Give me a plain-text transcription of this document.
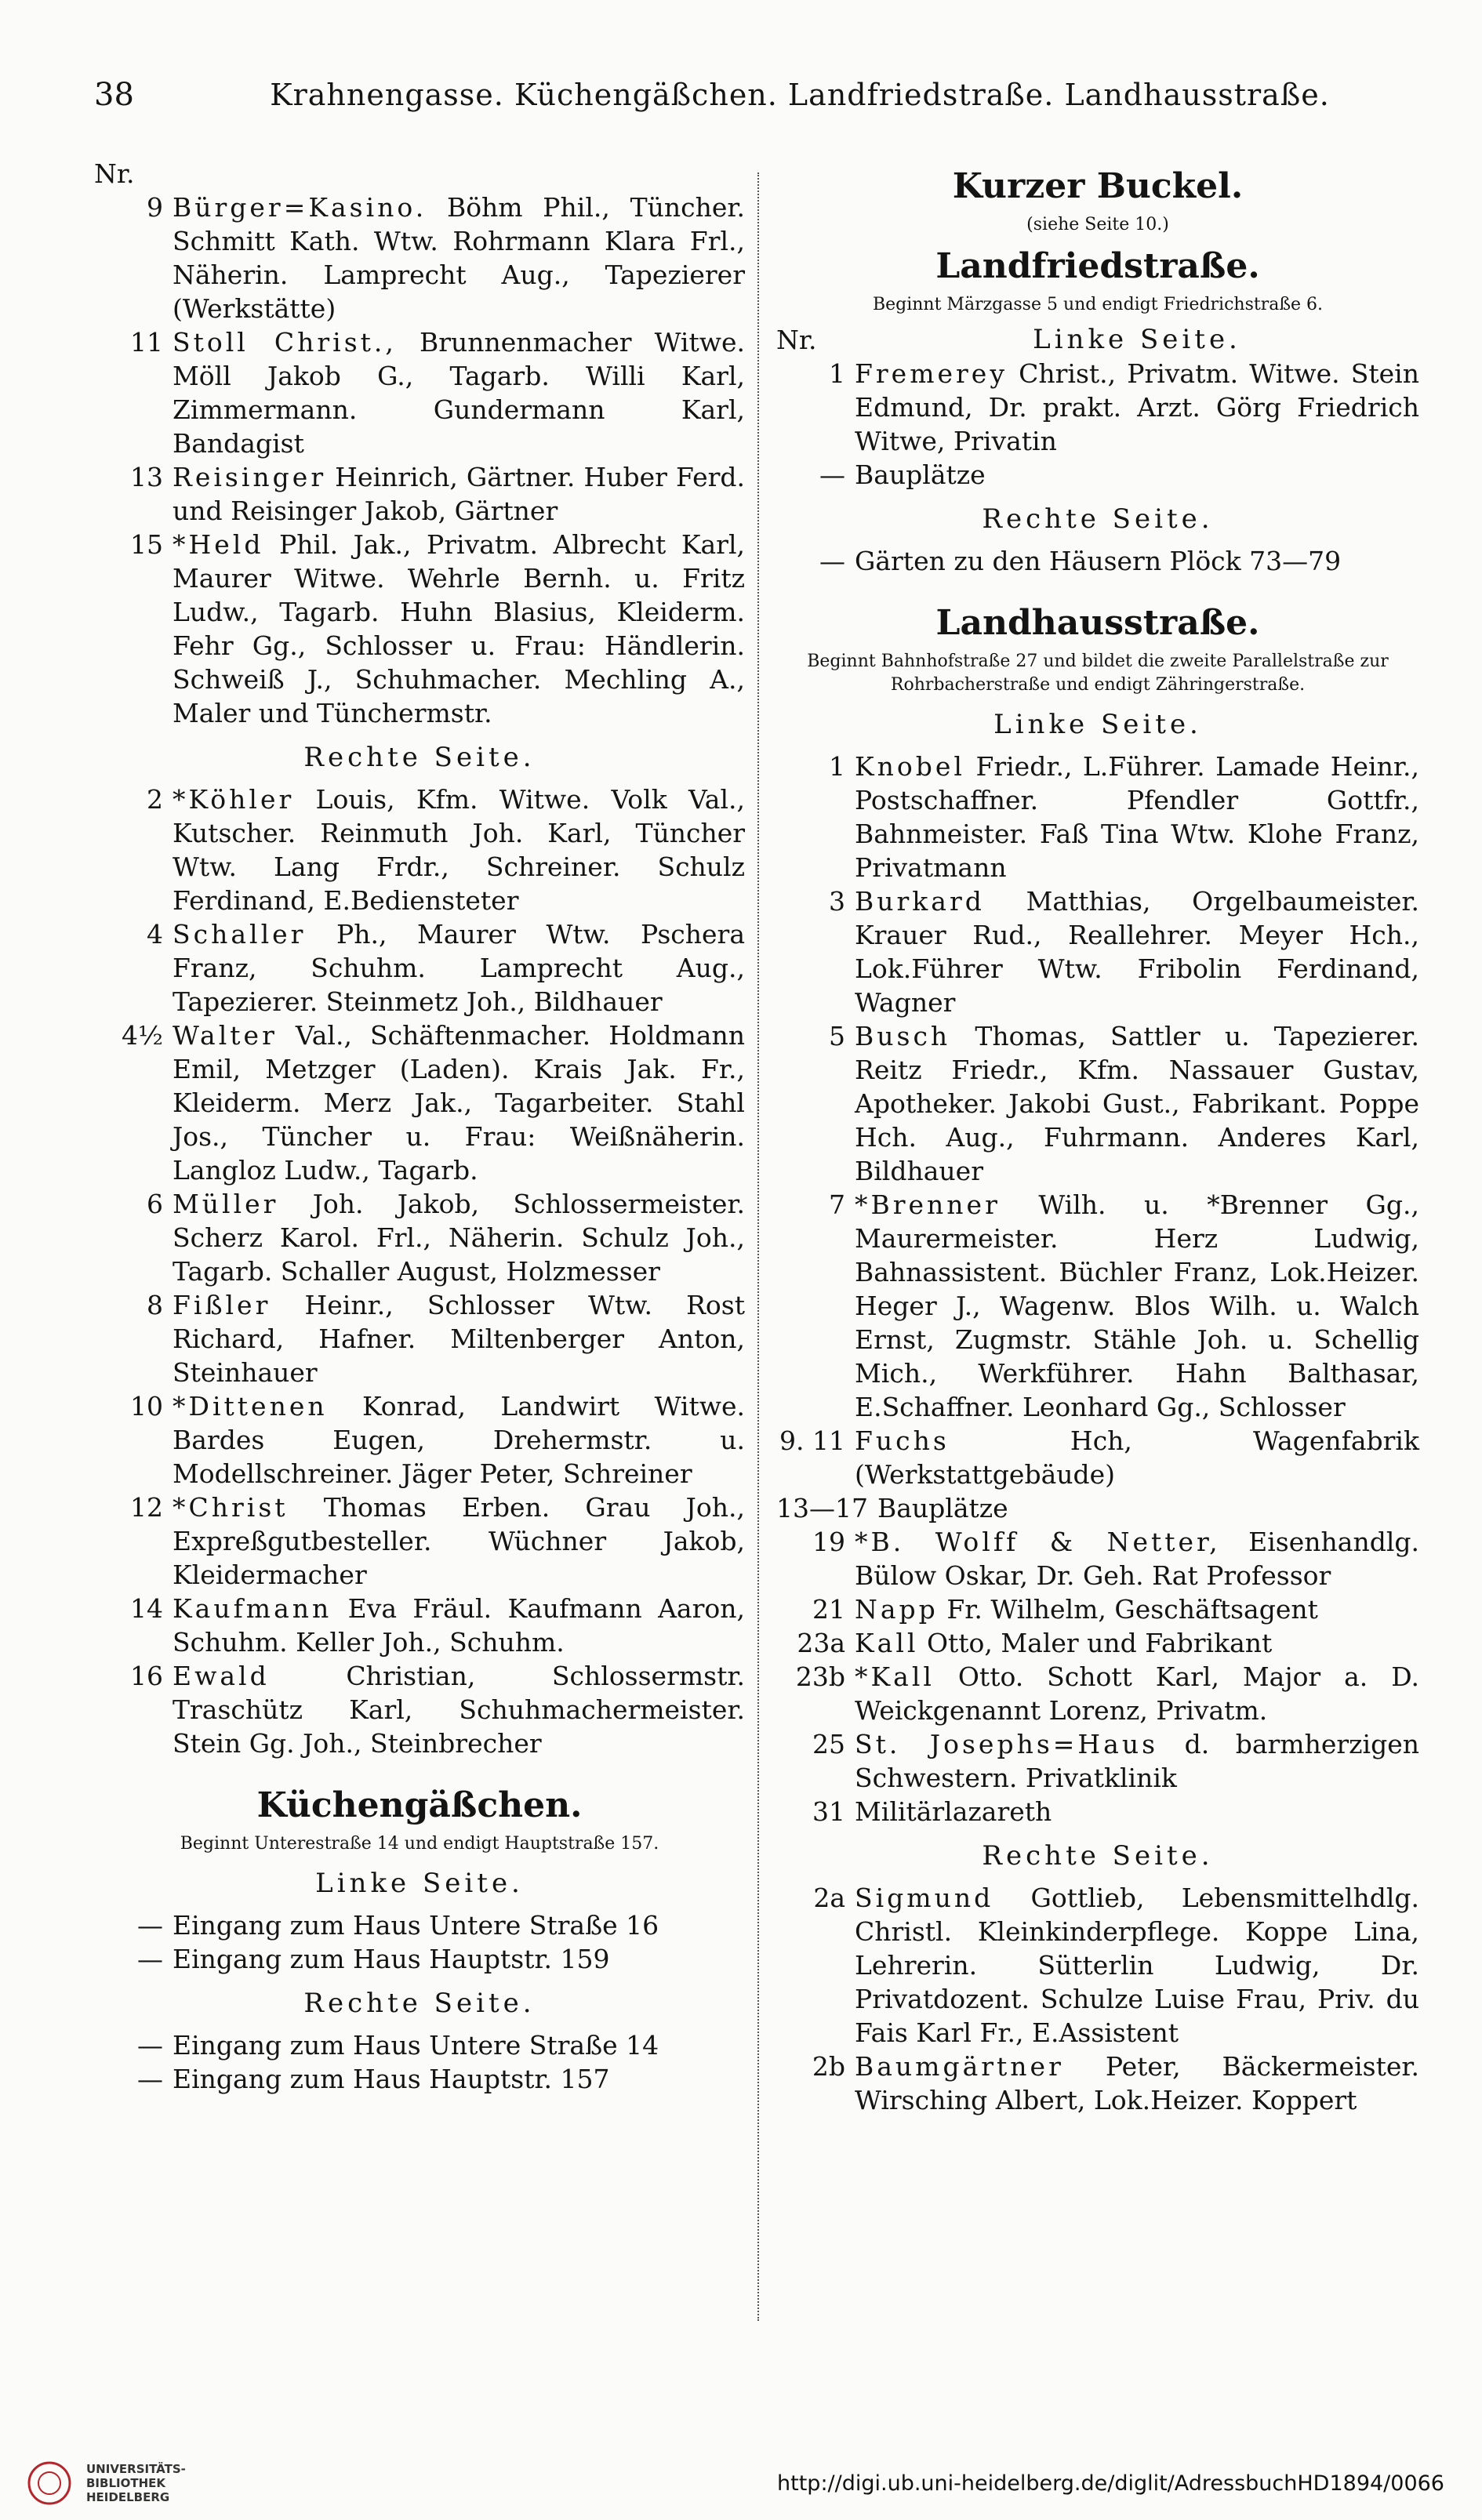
38	Krahnengasse. Küchengäßchen. Landfriedstraße. Landhausstraße.
Nr.
9 Bürger=Kasino. Böhm Phil., Tüncher. Schmitt Kath. Wtw. Rohrmann Klara Frl., Näherin. Lamprecht Aug., Tapezierer (Werkstätte)
11 Stoll Christ., Brunnenmacher Witwe. Möll Jakob G., Tagarb. Willi Karl, Zimmermann. Gundermann Karl, Bandagist
13 Reisinger Heinrich, Gärtner. Huber Ferd. und Reisinger Jakob, Gärtner
15 *Held Phil. Jak., Privatm. Albrecht Karl, Maurer Witwe. Wehrle Bernh. u. Fritz Ludw., Tagarb. Huhn Blasius, Kleiderm. Fehr Gg., Schlosser u. Frau: Händlerin. Schweiß J., Schuhmacher. Mechling A., Maler und Tünchermstr.
Rechte Seite.
2 *Köhler Louis, Kfm. Witwe. Volk Val., Kutscher. Reinmuth Joh. Karl, Tüncher Wtw. Lang Frdr., Schreiner. Schulz Ferdinand, E.Bediensteter
4 Schaller Ph., Maurer Wtw. Pschera Franz, Schuhm. Lamprecht Aug., Tapezierer. Steinmetz Joh., Bildhauer
4½ Walter Val., Schäftenmacher. Holdmann Emil, Metzger (Laden). Krais Jak. Fr., Kleiderm. Merz Jak., Tagarbeiter. Stahl Jos., Tüncher u. Frau: Weißnäherin. Langloz Ludw., Tagarb.
6 Müller Joh. Jakob, Schlossermeister. Scherz Karol. Frl., Näherin. Schulz Joh., Tagarb. Schaller August, Holzmesser
8 Fißler Heinr., Schlosser Wtw. Rost Richard, Hafner. Miltenberger Anton, Steinhauer
10 *Dittenen Konrad, Landwirt Witwe. Bardes Eugen, Drehermstr. u. Modellschreiner. Jäger Peter, Schreiner
12 *Christ Thomas Erben. Grau Joh., Expreßgutbesteller. Wüchner Jakob, Kleidermacher
14 Kaufmann Eva Fräul. Kaufmann Aaron, Schuhm. Keller Joh., Schuhm.
16 Ewald	Christian, Schlossermstr. Traschütz Karl, Schuhmachermeister. Stein Gg. Joh., Steinbrecher
Küchengäßchen.
Beginnt Unterestraße 14 und endigt Hauptstraße 157.
Linke Seite.
— Eingang zum Haus Untere Straße 16
— Eingang zum Haus Hauptstr. 159
Rechte Seite.
— Eingang zum Haus Untere Straße 14
— Eingang zum Haus Hauptstr. 157
Kurzer Buckel.
(siehe Seite 10.)
Landfriedstraße.
Beginnt Märzgasse 5 und endigt Friedrichstraße 6.
Nr.	Linke Seite.
1 Fremerey Christ., Privatm. Witwe. Stein Edmund, Dr. prakt. Arzt. Görg Friedrich Witwe, Privatin
— Bauplätze
Rechte Seite.
— Gärten zu den Häusern Plöck 73—79
Landhausstraße.
Beginnt Bahnhofstraße 27 und bildet die zweite Parallelstraße zur Rohrbacherstraße und endigt Zähringerstraße.
Linke Seite.
1 Knobel Friedr., L.Führer. Lamade Heinr., Postschaffner. Pfendler Gottfr., Bahnmeister. Faß Tina Wtw. Klohe Franz, Privatmann
3 Burkard Matthias, Orgelbaumeister. Krauer Rud., Reallehrer. Meyer Hch., Lok.Führer Wtw. Fribolin Ferdinand, Wagner
5 Busch Thomas, Sattler u. Tapezierer. Reitz Friedr., Kfm. Nassauer Gustav, Apotheker. Jakobi Gust., Fabrikant. Poppe Hch. Aug., Fuhrmann. Anderes Karl, Bildhauer
7 *Brenner Wilh. u. *Brenner Gg., Maurermeister. Herz Ludwig, Bahnassistent. Büchler Franz, Lok.Heizer. Heger J., Wagenw. Blos Wilh. u. Walch Ernst, Zugmstr. Stähle Joh. u. Schellig Mich., Werkführer. Hahn Balthasar, E.Schaffner. Leonhard Gg., Schlosser
9. 11 Fuchs	Hch, Wagenfabrik (Werkstattgebäude)
13—17 Bauplätze
19 *B. Wolff & Netter, Eisenhandlg. Bülow Oskar, Dr. Geh. Rat Professor
21 Napp Fr. Wilhelm, Geschäftsagent
23a Kall Otto, Maler und Fabrikant
23b *Kall Otto. Schott Karl, Major a. D. Weickgenannt Lorenz, Privatm.
25 St. Josephs=Haus d. barmherzigen Schwestern. Privatklinik
31 Militärlazareth
Rechte Seite.
2a Sigmund Gottlieb, Lebensmittelhdlg. Christl. Kleinkinderpflege. Koppe Lina, Lehrerin. Sütterlin Ludwig, Dr. Privatdozent. Schulze Luise Frau, Priv. du Fais Karl Fr., E.Assistent
2b Baumgärtner Peter, Bäckermeister. Wirsching Albert, Lok.Heizer. Koppert
UNIVERSITÄTS-
BIBLIOTHEK
HEIDELBERG
http://digi.ub.uni-heidelberg.de/diglit/AdressbuchHD1894/0066
